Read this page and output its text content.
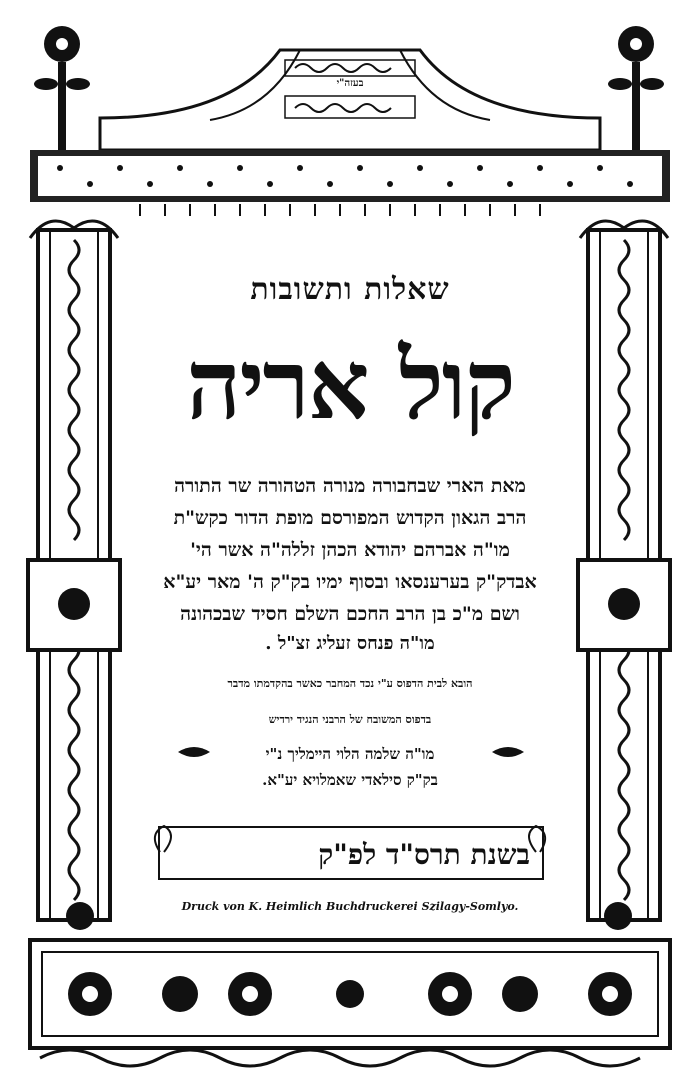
בעזה"י
שאלות ותשובות
קול אריה
מאת הארי שבחבורה מנורה הטהורה שר התורה
הרב הגאון הקדוש המפורסם מופת הדור כקש"ת
מו"ה אברהם יהודא הכהן זללה"ה אשר הי'
אבדק"ק בערענסאו ובסוף ימיו בק"ק ה' מאר יע"א
ושם מ"כ בן הרב החכם השלם חסיד שבכהונה
מו"ה פנחס זעליג זצ"ל .
הובא לבית הדפוס ע"י נכד המחבר כאשר בהקדמתו מדבר
בדפוס המשובח של הרבני הנגיד ירדיש
מו"ה שלמה הלוי הײמליך נ"י
בק"ק סילאדי שאמלויא יע"א.
בשנת תרס"ד לפ"ק
Druck von K. Heimlich Buchdruckerei Szilagy-Somlyo.
